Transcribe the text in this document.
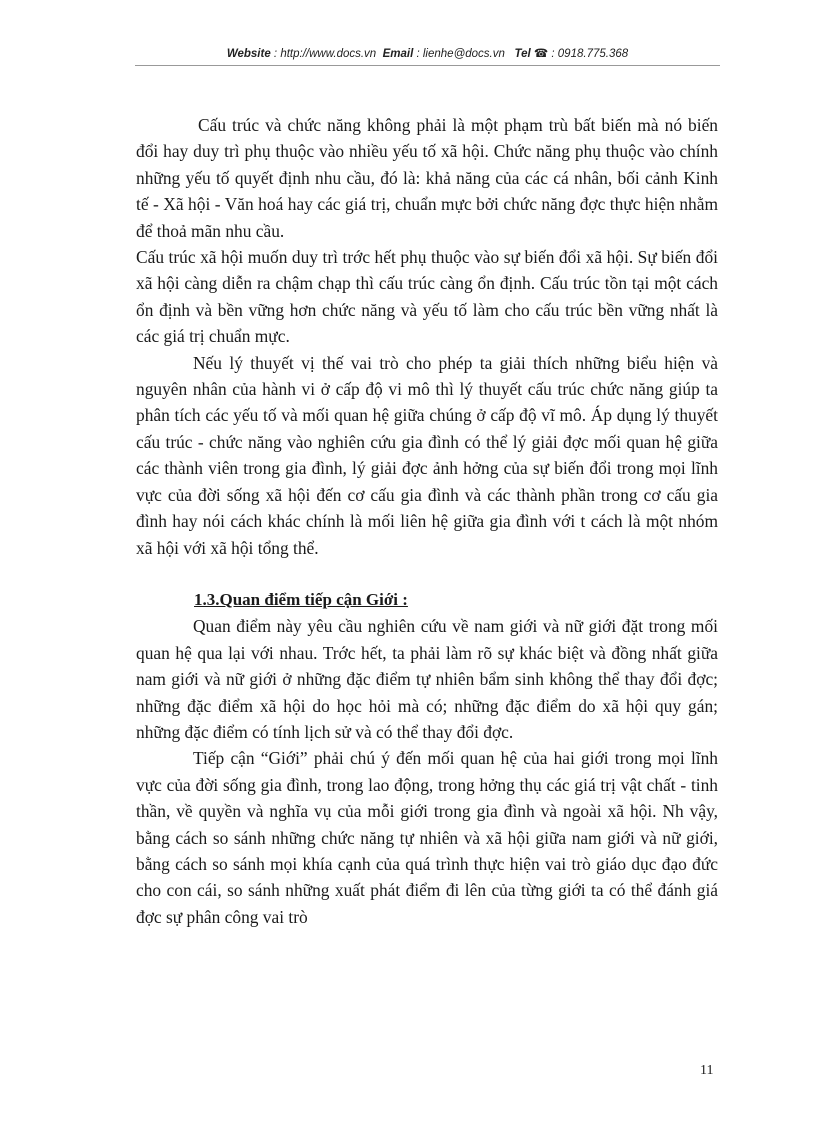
Website : http://www.docs.vn Email : lienhe@docs.vn Tel ☎ : 0918.775.368

Cấu trúc và chức năng không phải là một phạm trù bất biến mà nó biến đổi hay duy trì phụ thuộc vào nhiều yếu tố xã hội. Chức năng phụ thuộc vào chính những yếu tố quyết định nhu cầu, đó là: khả năng của các cá nhân, bối cảnh Kinh tế - Xã hội - Văn hoá hay các giá trị, chuẩn mực bởi chức năng đợc thực hiện nhằm để thoả mãn nhu cầu.

Cấu trúc xã hội muốn duy trì trớc hết phụ thuộc vào sự biến đổi xã hội. Sự biến đổi xã hội càng diễn ra chậm chạp thì cấu trúc càng ổn định. Cấu trúc tồn tại một cách ổn định và bền vững hơn chức năng và yếu tố làm cho cấu trúc bền vững nhất là các giá trị chuẩn mực.

Nếu lý thuyết vị thế vai trò cho phép ta giải thích những biểu hiện và nguyên nhân của hành vi ở cấp độ vi mô thì lý thuyết cấu trúc chức năng giúp ta phân tích các yếu tố và mối quan hệ giữa chúng ở cấp độ vĩ mô. Áp dụng lý thuyết cấu trúc - chức năng vào nghiên cứu gia đình có thể lý giải đợc mối quan hệ giữa các thành viên trong gia đình, lý giải đợc ảnh hởng của sự biến đổi trong mọi lĩnh vực của đời sống xã hội đến cơ cấu gia đình và các thành phần trong cơ cấu gia đình hay nói cách khác chính là mối liên hệ giữa gia đình với t cách là một nhóm xã hội với xã hội tổng thể.

1.3.Quan điểm tiếp cận Giới :

Quan điểm này yêu cầu nghiên cứu về nam giới và nữ giới đặt trong mối quan hệ qua lại với nhau. Trớc hết, ta phải làm rõ sự khác biệt và đồng nhất giữa nam giới và nữ giới ở những đặc điểm tự nhiên bẩm sinh không thể thay đổi đợc; những đặc điểm xã hội do học hỏi mà có; những đặc điểm do xã hội quy gán; những đặc điểm có tính lịch sử và có thể thay đổi đợc.

Tiếp cận “Giới” phải chú ý đến mối quan hệ của hai giới trong mọi lĩnh vực của đời sống gia đình, trong lao động, trong hởng thụ các giá trị vật chất - tinh thần, về quyền và nghĩa vụ của mỗi giới trong gia đình và ngoài xã hội. Nh vậy, bằng cách so sánh những chức năng tự nhiên và xã hội giữa nam giới và nữ giới, bằng cách so sánh mọi khía cạnh của quá trình thực hiện vai trò giáo dục đạo đức cho con cái, so sánh những xuất phát điểm đi lên của từng giới ta có thể đánh giá đợc sự phân công vai trò

11
